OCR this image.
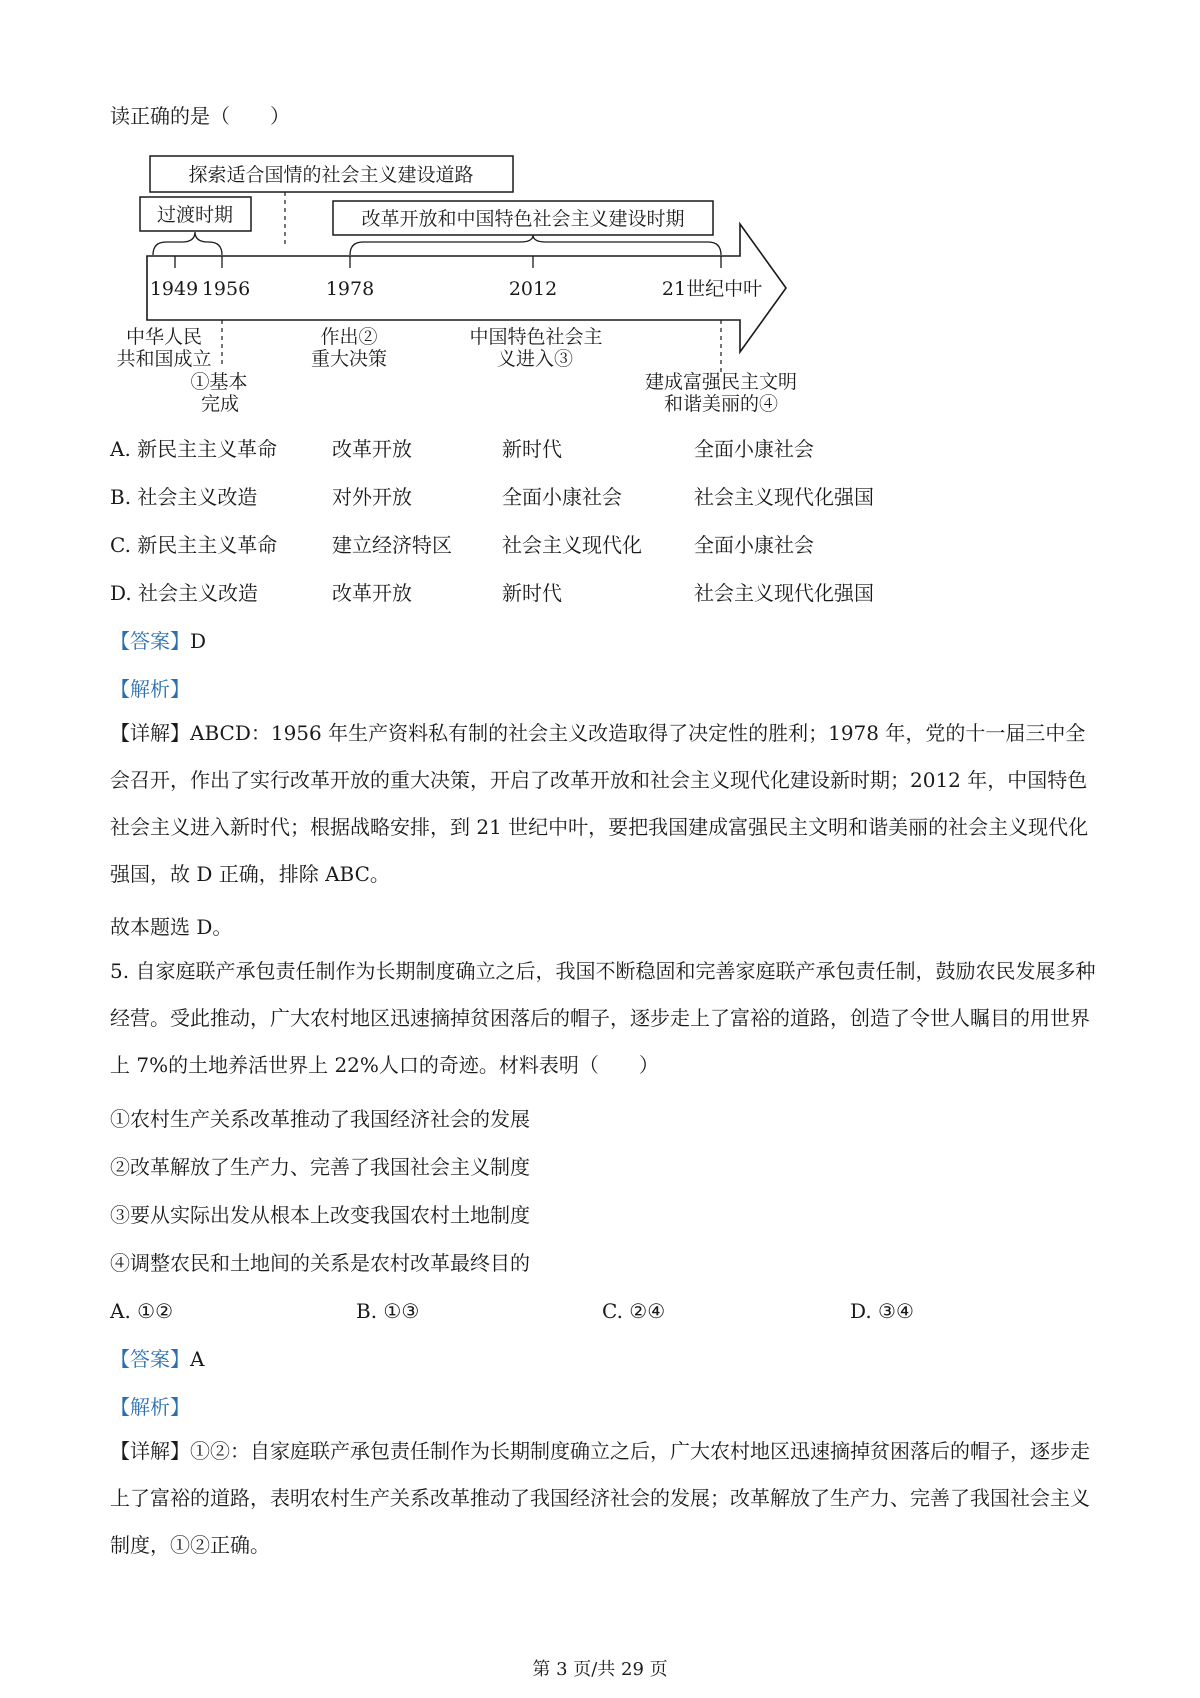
读正确的是（　　）
探索适合国情的社会主义建设道路
过渡时期	改革开放和中国特色社会主义建设时期
1949 1956	1978	2012	21世纪中叶
中华人民
共和国成立
①基本
完成
作出②
重大决策
中国特色社会主
义进入③
建成富强民主文明
和谐美丽的④
A. 新民主主义革命	改革开放	新时代	全面小康社会
B. 社会主义改造	对外开放	全面小康社会	社会主义现代化强国
C. 新民主主义革命	建立经济特区	社会主义现代化	全面小康社会
D. 社会主义改造	改革开放	新时代	社会主义现代化强国
【答案】D
【解析】
【详解】ABCD：1956 年生产资料私有制的社会主义改造取得了决定性的胜利；1978 年，党的十一届三中全会召开，作出了实行改革开放的重大决策，开启了改革开放和社会主义现代化建设新时期；2012 年，中国特色社会主义进入新时代；根据战略安排，到 21 世纪中叶，要把我国建成富强民主文明和谐美丽的社会主义现代化强国，故 D 正确，排除 ABC。
故本题选 D。
5. 自家庭联产承包责任制作为长期制度确立之后，我国不断稳固和完善家庭联产承包责任制，鼓励农民发展多种经营。受此推动，广大农村地区迅速摘掉贫困落后的帽子，逐步走上了富裕的道路，创造了令世人瞩目的用世界上 7%的土地养活世界上 22%人口的奇迹。材料表明（　　）
①农村生产关系改革推动了我国经济社会的发展
②改革解放了生产力、完善了我国社会主义制度
③要从实际出发从根本上改变我国农村土地制度
④调整农民和土地间的关系是农村改革最终目的
A. ①②	B. ①③	C. ②④	D. ③④
【答案】A
【解析】
【详解】①②：自家庭联产承包责任制作为长期制度确立之后，广大农村地区迅速摘掉贫困落后的帽子，逐步走上了富裕的道路，表明农村生产关系改革推动了我国经济社会的发展；改革解放了生产力、完善了我国社会主义制度，①②正确。
第 3 页/共 29 页
